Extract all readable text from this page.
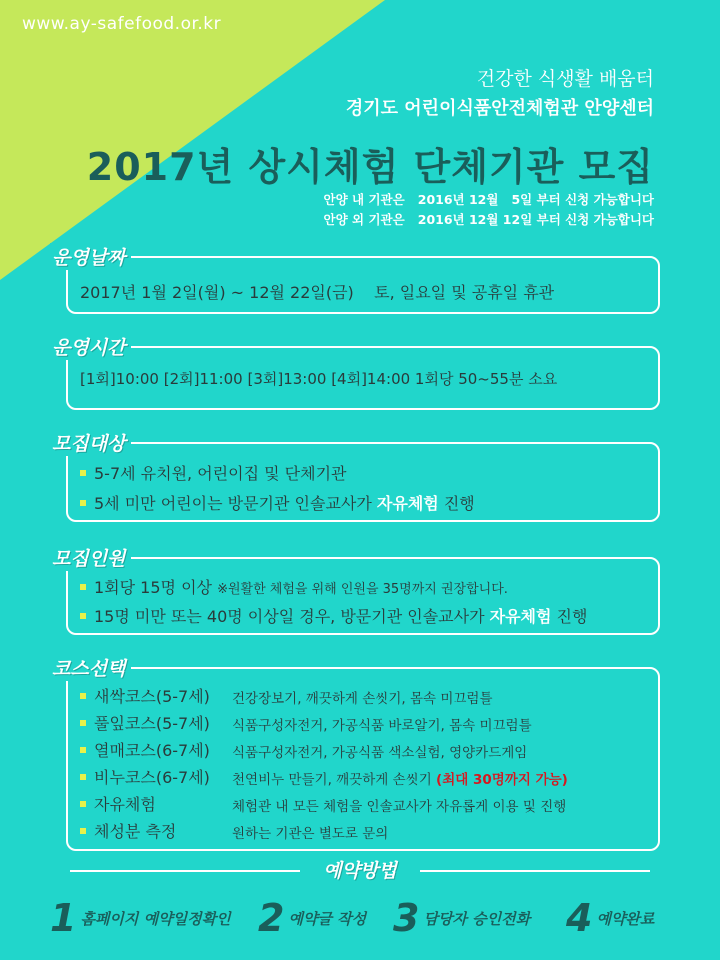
www.ay-safefood.or.kr
건강한 식생활 배움터
경기도 어린이식품안전체험관 안양센터
2017년 상시체험 단체기관 모집
안양 내 기관은   2016년 12월   5일 부터 신청 가능합니다
안양 외 기관은   2016년 12월 12일 부터 신청 가능합니다
운영날짜
2017년 1월 2일(월) ~ 12월 22일(금)    토, 일요일 및 공휴일 휴관
운영시간
[1회]10:00 [2회]11:00 [3회]13:00 [4회]14:00 1회당 50~55분 소요
모집대상
5-7세 유치원, 어린이집 및 단체기관
5세 미만 어린이는 방문기관 인솔교사가 자유체험 진행
모집인원
1회당 15명 이상 ※원활한 체험을 위해 인원을 35명까지 권장합니다.
15명 미만 또는 40명 이상일 경우, 방문기관 인솔교사가 자유체험 진행
코스선택
새싹코스(5-7세) 건강장보기, 깨끗하게 손씻기, 몸속 미끄럼틀
풀잎코스(5-7세) 식품구성자전거, 가공식품 바로알기, 몸속 미끄럼틀
열매코스(6-7세) 식품구성자전거, 가공식품 색소실험, 영양카드게임
비누코스(6-7세) 천연비누 만들기, 깨끗하게 손씻기 (최대 30명까지 가능)
자유체험	체험관 내 모든 체험을 인솔교사가 자유롭게 이용 및 진행
체성분 측정	원하는 기관은 별도로 문의
예약방법
1 홈페이지 예약일정확인 2 예약글 작성 3 담당자 승인전화 4 예약완료
